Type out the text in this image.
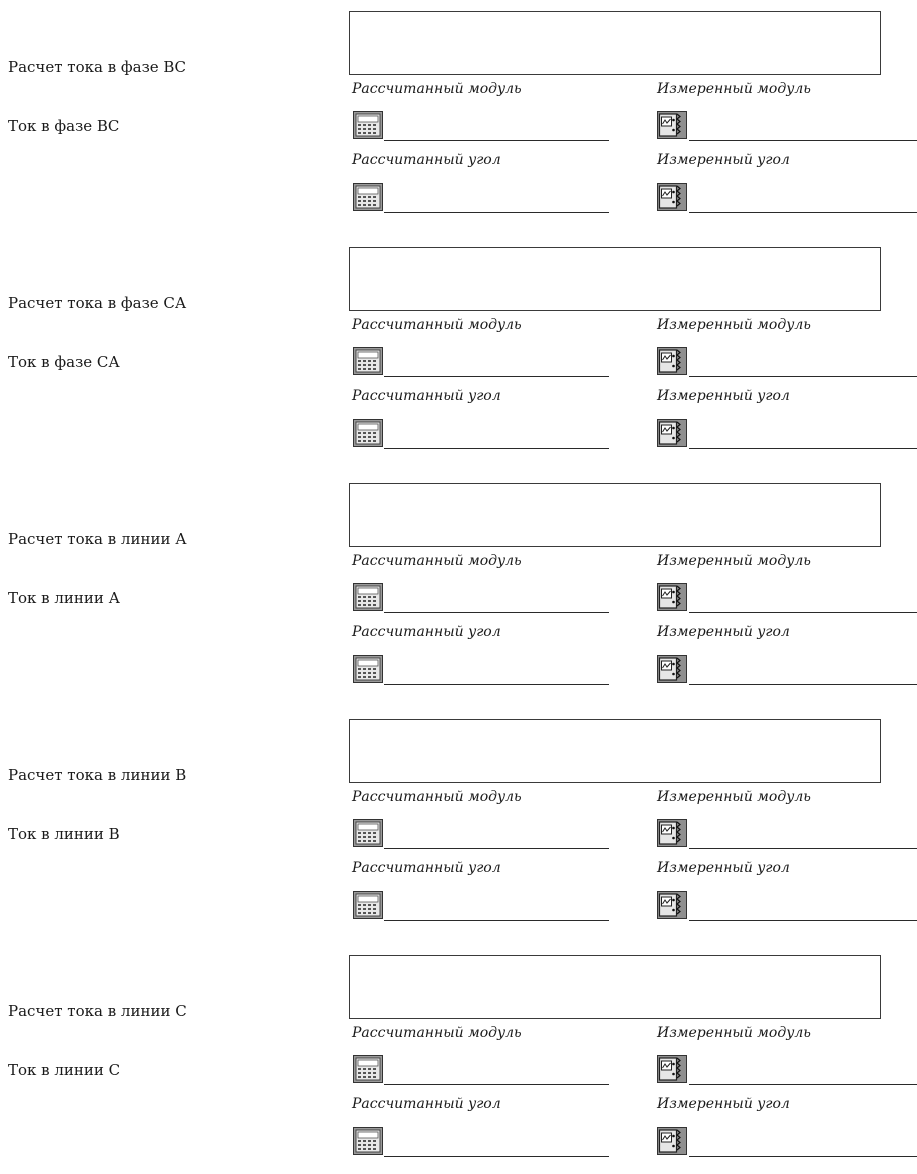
Расчет тока в фазе ВС
Ток в фазе ВС
Рассчитанный модуль	Измеренный модуль
Рассчитанный угол	Измеренный угол
Расчет тока в фазе СА
Ток в фазе СА
Рассчитанный модуль	Измеренный модуль
Рассчитанный угол	Измеренный угол
Расчет тока в линии А
Ток в линии А
Рассчитанный модуль	Измеренный модуль
Рассчитанный угол	Измеренный угол
Расчет тока в линии В
Ток в линии В
Рассчитанный модуль	Измеренный модуль
Рассчитанный угол	Измеренный угол
Расчет тока в линии С
Ток в линии С
Рассчитанный модуль	Измеренный модуль
Рассчитанный угол	Измеренный угол
